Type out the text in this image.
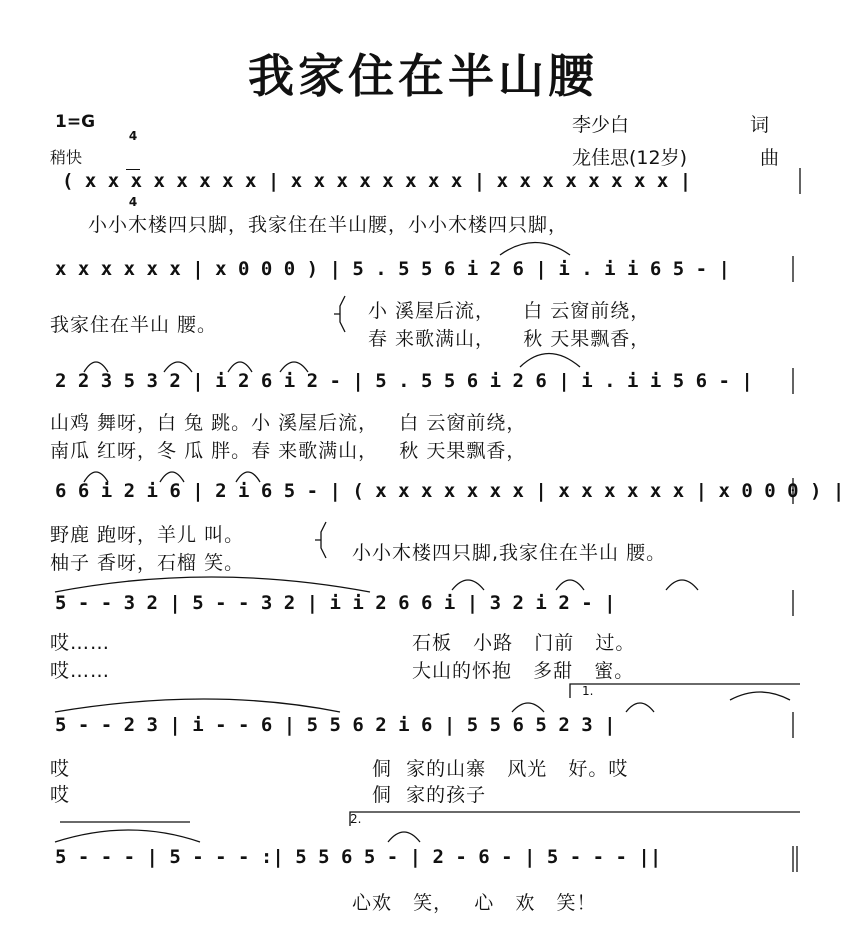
我家住在半山腰
1=G

4

4

稍快
李少白	词
龙佳思(12岁)	曲
( x x x x x x x x | x x x x x x x x | x x x x x x x x |
小小木楼四只脚，我家住在半山腰，小小木楼四只脚，
x x x x x x | x 0 0 0 ) | 5 . 5 5 6 i 2 6 | i . i i 6 5 - |
我家住在半山 腰。
小 溪屋后流，    白 云窗前绕，
春 来歌满山，    秋 天果飘香，
2 2 3 5 3 2 | i 2 6 i 2 - | 5 . 5 5 6 i 2 6 | i . i i 5 6 - |
山鸡 舞呀，白 兔 跳。小 溪屋后流，   白 云窗前绕，
南瓜 红呀，冬 瓜 胖。春 来歌满山，   秋 天果飘香，
6 6 i 2 i 6 | 2 i 6 5 - | ( x x x x x x x | x x x x x x | x 0 0 0 ) |
野鹿 跑呀，羊儿 叫。
柚子 香呀，石榴 笑。	小小木楼四只脚,我家住在半山 腰。
5 - - 3 2 | 5 - - 3 2 | i i 2 6 6 i | 3 2 i 2 - |
哎……
哎……
石板   小路   门前   过。
大山的怀抱   多甜   蜜。
5 - - 2 3 | i - - 6 | 5 5 6 2 i 6 | 5 5 6 5 2 3 |
哎
哎
侗  家的山寨   风光   好。哎
侗  家的孩子
5 - - - | 5 - - - :| 5 5 6 5 - | 2 - 6 - | 5 - - - ||
心欢   笑，   心   欢   笑！
1.
2.
